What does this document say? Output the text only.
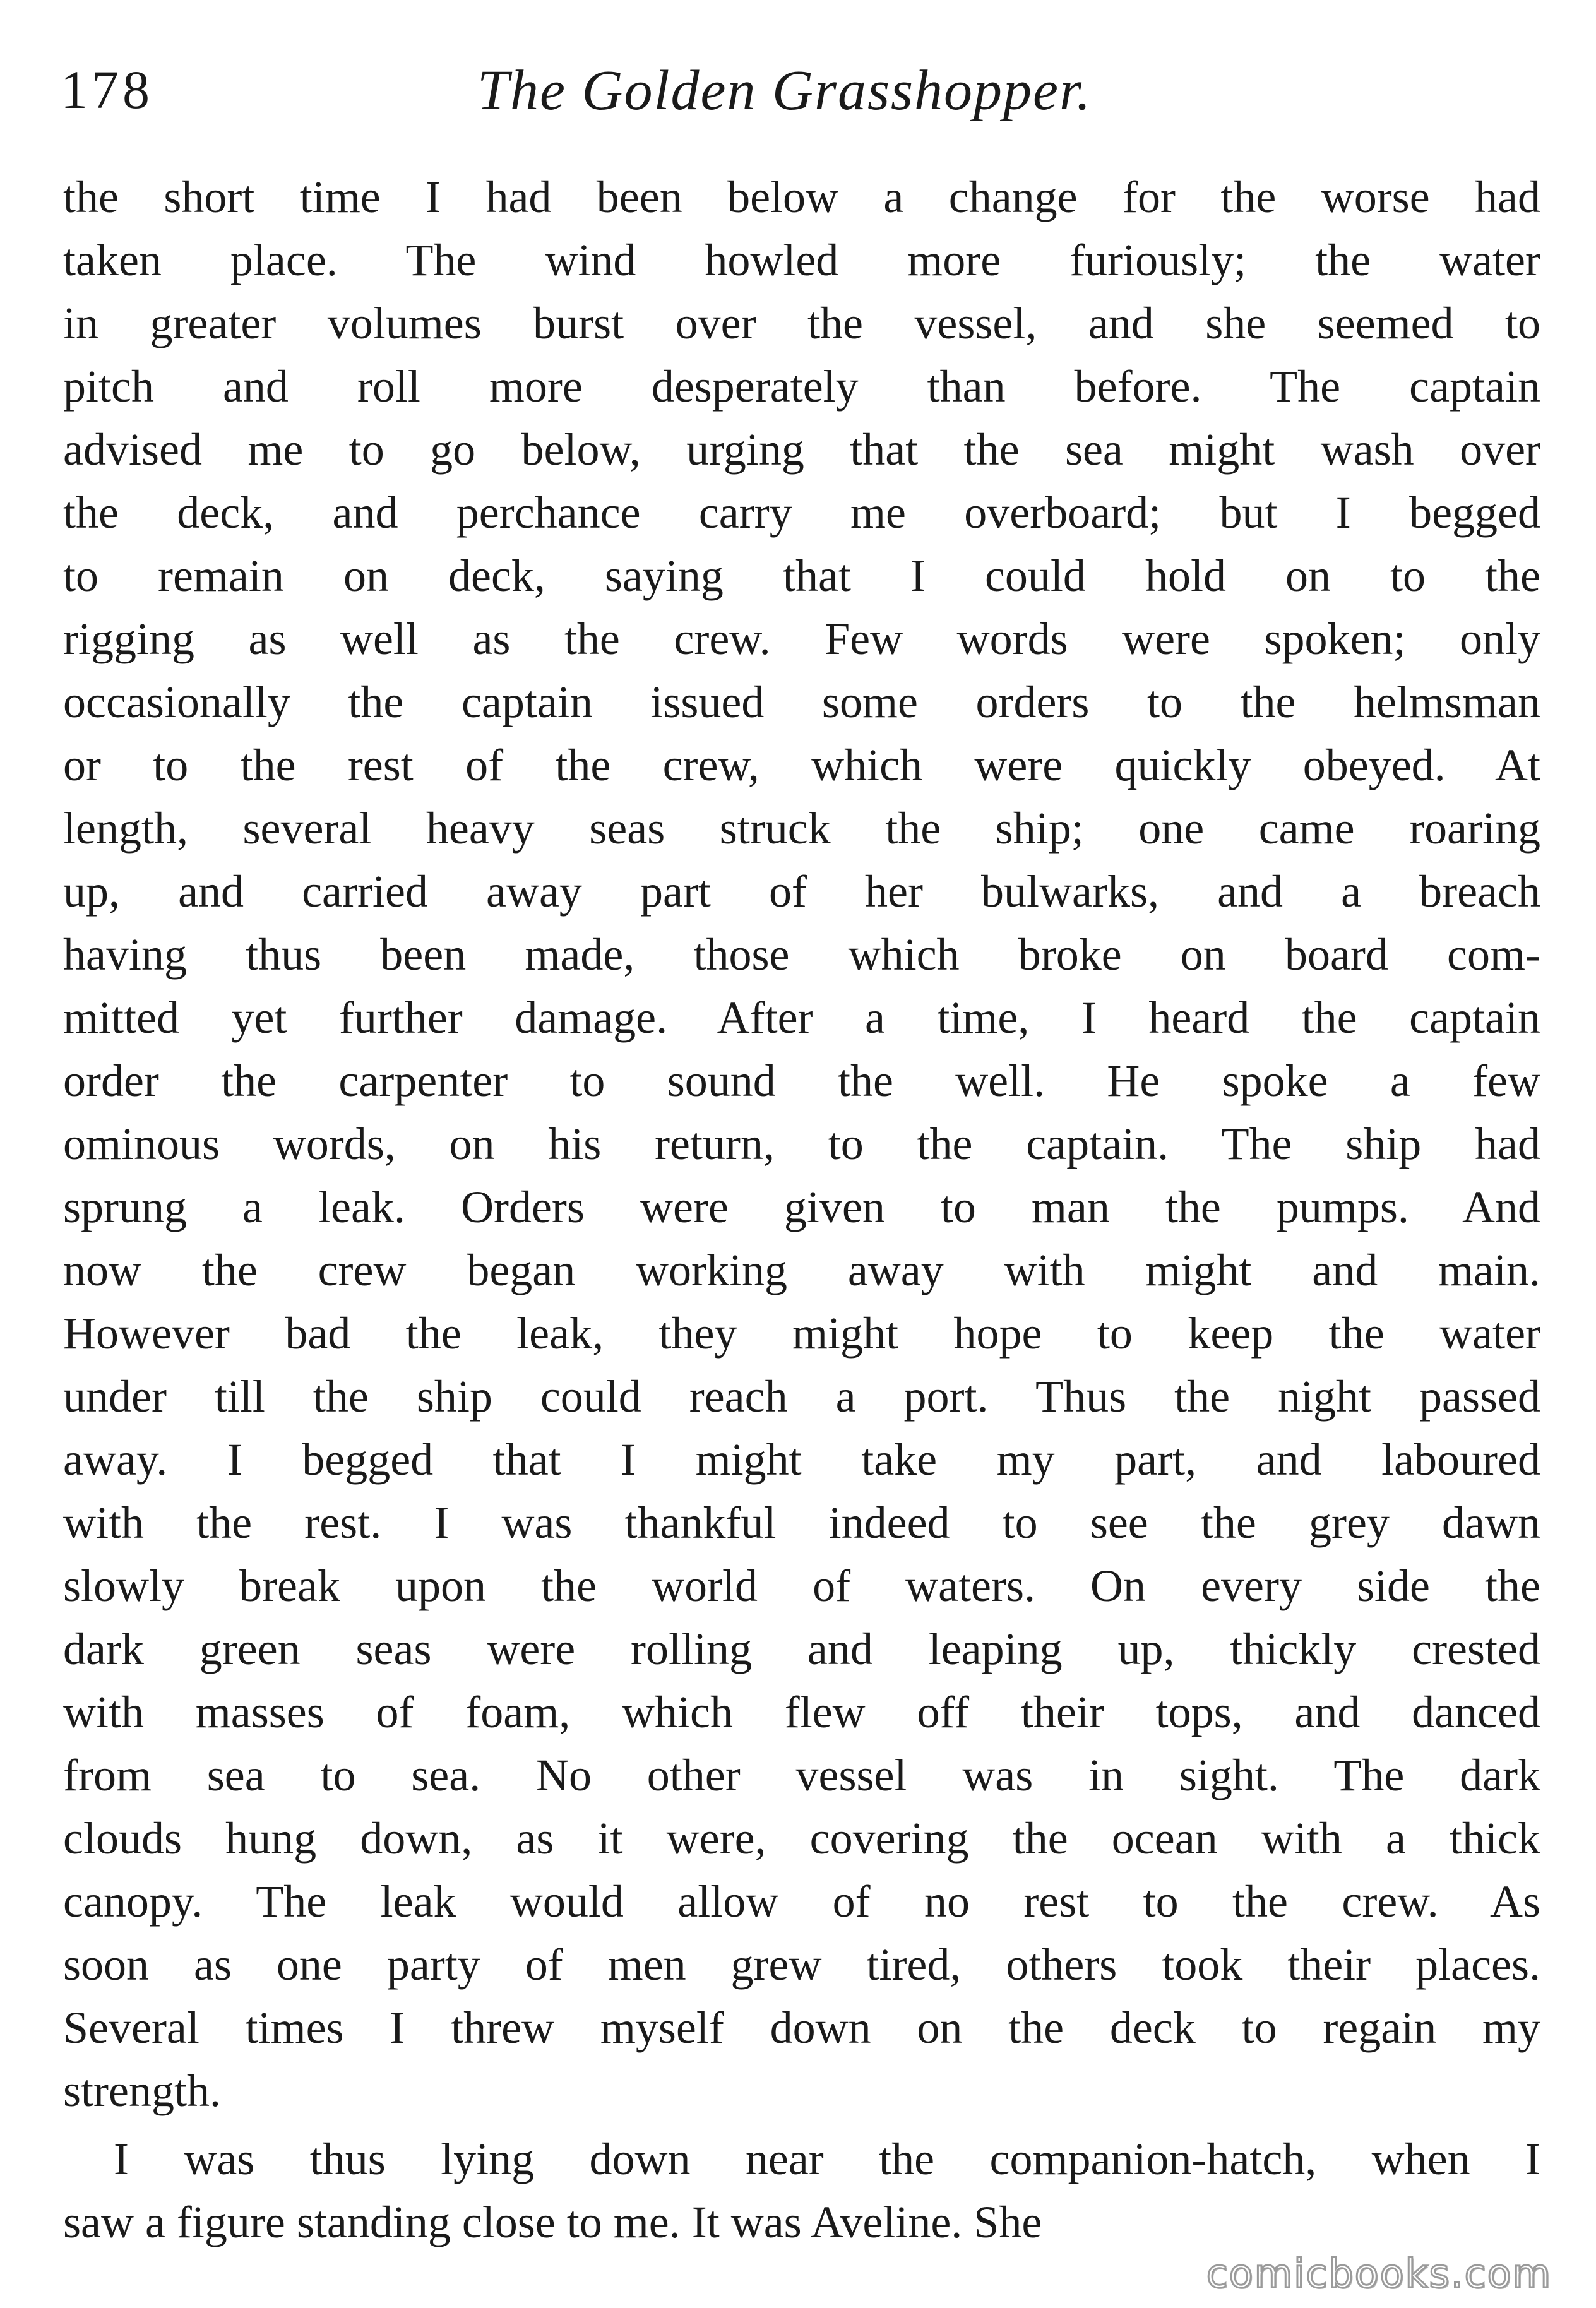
178	The Golden Grasshopper.
the short time I had been below a change for the worse had
taken place. The wind howled more furiously; the water
in greater volumes burst over the vessel, and she seemed to
pitch and roll more desperately than before. The captain
advised me to go below, urging that the sea might wash over
the deck, and perchance carry me overboard; but I begged
to remain on deck, saying that I could hold on to the
rigging as well as the crew. Few words were spoken; only
occasionally the captain issued some orders to the helmsman
or to the rest of the crew, which were quickly obeyed. At
length, several heavy seas struck the ship; one came roaring
up, and carried away part of her bulwarks, and a breach
having thus been made, those which broke on board com-
mitted yet further damage. After a time, I heard the captain
order the carpenter to sound the well. He spoke a few
ominous words, on his return, to the captain. The ship had
sprung a leak. Orders were given to man the pumps. And
now the crew began working away with might and main.
However bad the leak, they might hope to keep the water
under till the ship could reach a port. Thus the night passed
away. I begged that I might take my part, and laboured
with the rest. I was thankful indeed to see the grey dawn
slowly break upon the world of waters. On every side the
dark green seas were rolling and leaping up, thickly crested
with masses of foam, which flew off their tops, and danced
from sea to sea. No other vessel was in sight. The dark
clouds hung down, as it were, covering the ocean with a thick
canopy. The leak would allow of no rest to the crew. As
soon as one party of men grew tired, others took their places.
Several times I threw myself down on the deck to regain my
strength.
I was thus lying down near the companion-hatch, when I
saw a figure standing close to me. It was Aveline. She
comicbooks.com
